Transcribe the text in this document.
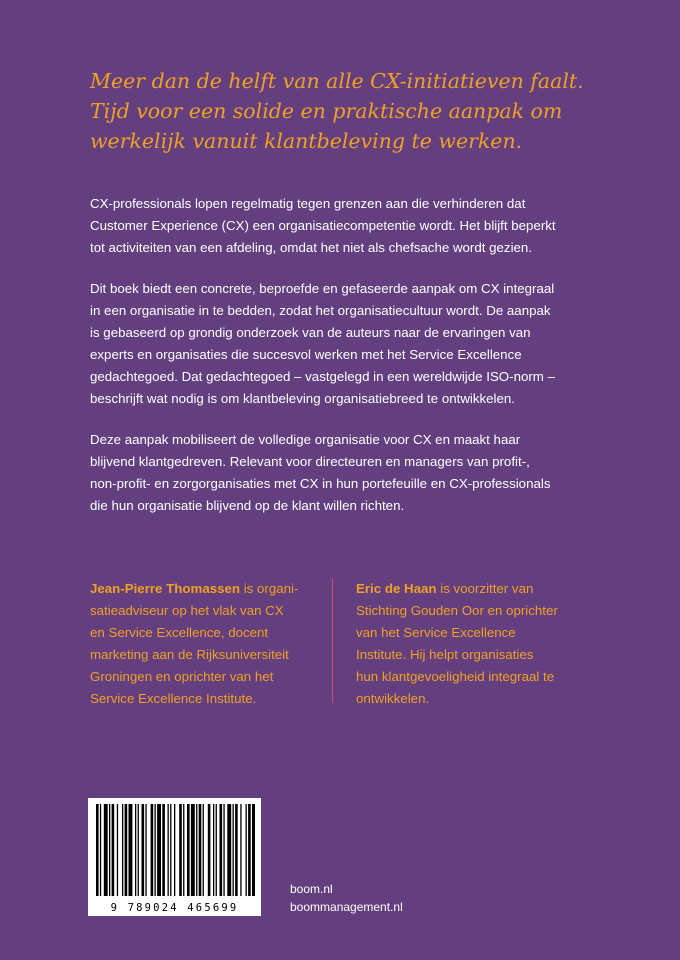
Meer dan de helft van alle CX-initiatieven faalt.
Tijd voor een solide en praktische aanpak om
werkelijk vanuit klantbeleving te werken.

CX-professionals lopen regelmatig tegen grenzen aan die verhinderen dat
Customer Experience (CX) een organisatiecompetentie wordt. Het blijft beperkt
tot activiteiten van een afdeling, omdat het niet als chefsache wordt gezien.

Dit boek biedt een concrete, beproefde en gefaseerde aanpak om CX integraal
in een organisatie in te bedden, zodat het organisatiecultuur wordt. De aanpak
is gebaseerd op grondig onderzoek van de auteurs naar de ervaringen van
experts en organisaties die succesvol werken met het Service Excellence
gedachtegoed. Dat gedachtegoed – vastgelegd in een wereldwijde ISO-norm –
beschrijft wat nodig is om klantbeleving organisatiebreed te ontwikkelen.

Deze aanpak mobiliseert de volledige organisatie voor CX en maakt haar
blijvend klantgedreven. Relevant voor directeuren en managers van profit-,
non-profit- en zorgorganisaties met CX in hun portefeuille en CX-professionals
die hun organisatie blijvend op de klant willen richten.

Jean-Pierre Thomassen is organi-
satieadviseur op het vlak van CX
en Service Excellence, docent
marketing aan de Rijksuniversiteit
Groningen en oprichter van het
Service Excellence Institute.
Eric de Haan is voorzitter van
Stichting Gouden Oor en oprichter
van het Service Excellence
Institute. Hij helpt organisaties
hun klantgevoeligheid integraal te
ontwikkelen.
9 789024 465699
boom.nl
boommanagement.nl
